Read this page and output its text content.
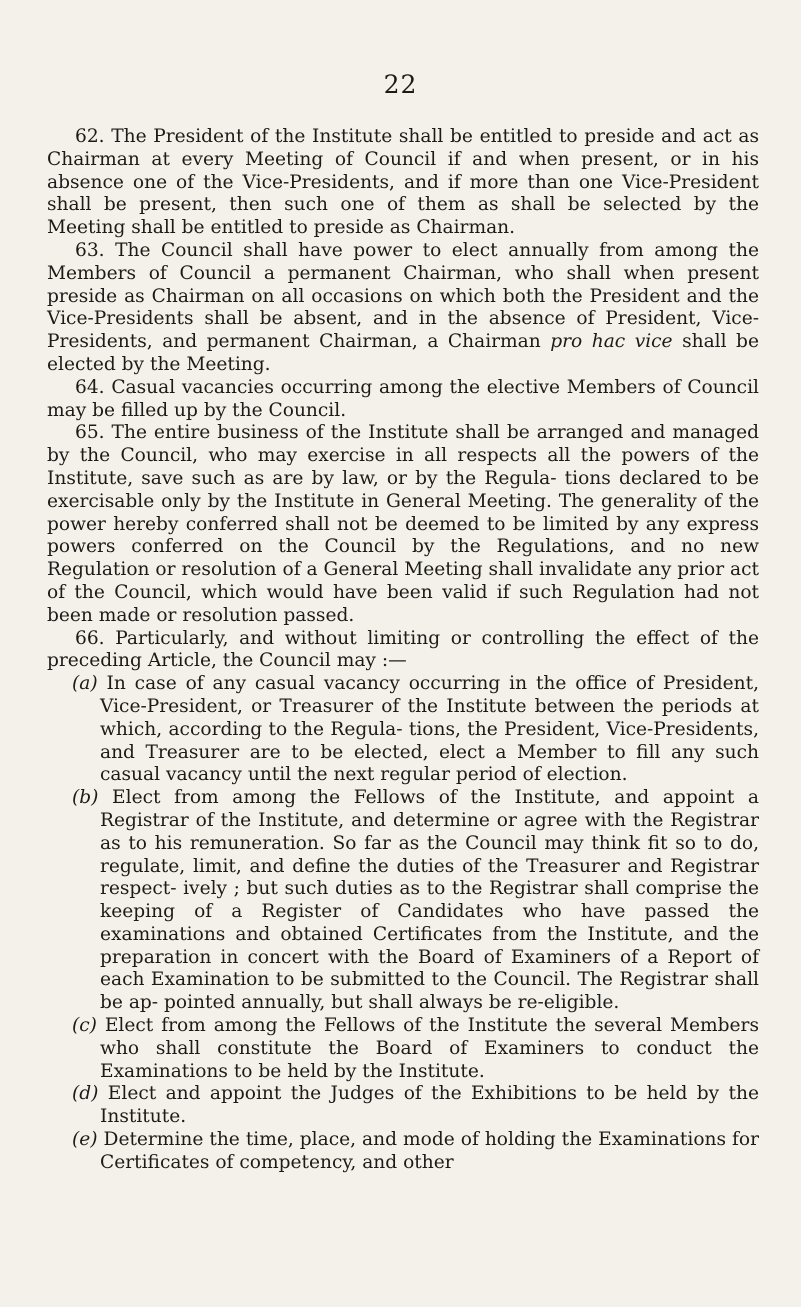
22

62. The President of the Institute shall be entitled to preside and act as Chairman at every Meeting of Council if and when present, or in his absence one of the Vice-Presidents, and if more than one Vice-President shall be present, then such one of them as shall be selected by the Meeting shall be entitled to preside as Chairman.

63. The Council shall have power to elect annually from among the Members of Council a permanent Chairman, who shall when present preside as Chairman on all occasions on which both the President and the Vice-Presidents shall be absent, and in the absence of President, Vice-Presidents, and permanent Chairman, a Chairman pro hac vice shall be elected by the Meeting.

64. Casual vacancies occurring among the elective Members of Council may be filled up by the Council.

65. The entire business of the Institute shall be arranged and managed by the Council, who may exercise in all respects all the powers of the Institute, save such as are by law, or by the Regula- tions declared to be exercisable only by the Institute in General Meeting. The generality of the power hereby conferred shall not be deemed to be limited by any express powers conferred on the Council by the Regulations, and no new Regulation or resolution of a General Meeting shall invalidate any prior act of the Council, which would have been valid if such Regulation had not been made or resolution passed.

66. Particularly, and without limiting or controlling the effect of the preceding Article, the Council may :—

(a) In case of any casual vacancy occurring in the office of President, Vice-President, or Treasurer of the Institute between the periods at which, according to the Regula- tions, the President, Vice-Presidents, and Treasurer are to be elected, elect a Member to fill any such casual vacancy until the next regular period of election.

(b) Elect from among the Fellows of the Institute, and appoint a Registrar of the Institute, and determine or agree with the Registrar as to his remuneration. So far as the Council may think fit so to do, regulate, limit, and define the duties of the Treasurer and Registrar respect- ively ; but such duties as to the Registrar shall comprise the keeping of a Register of Candidates who have passed the examinations and obtained Certificates from the Institute, and the preparation in concert with the Board of Examiners of a Report of each Examination to be submitted to the Council. The Registrar shall be ap- pointed annually, but shall always be re-eligible.

(c) Elect from among the Fellows of the Institute the several Members who shall constitute the Board of Examiners to conduct the Examinations to be held by the Institute.

(d) Elect and appoint the Judges of the Exhibitions to be held by the Institute.

(e) Determine the time, place, and mode of holding the Examinations for Certificates of competency, and other
